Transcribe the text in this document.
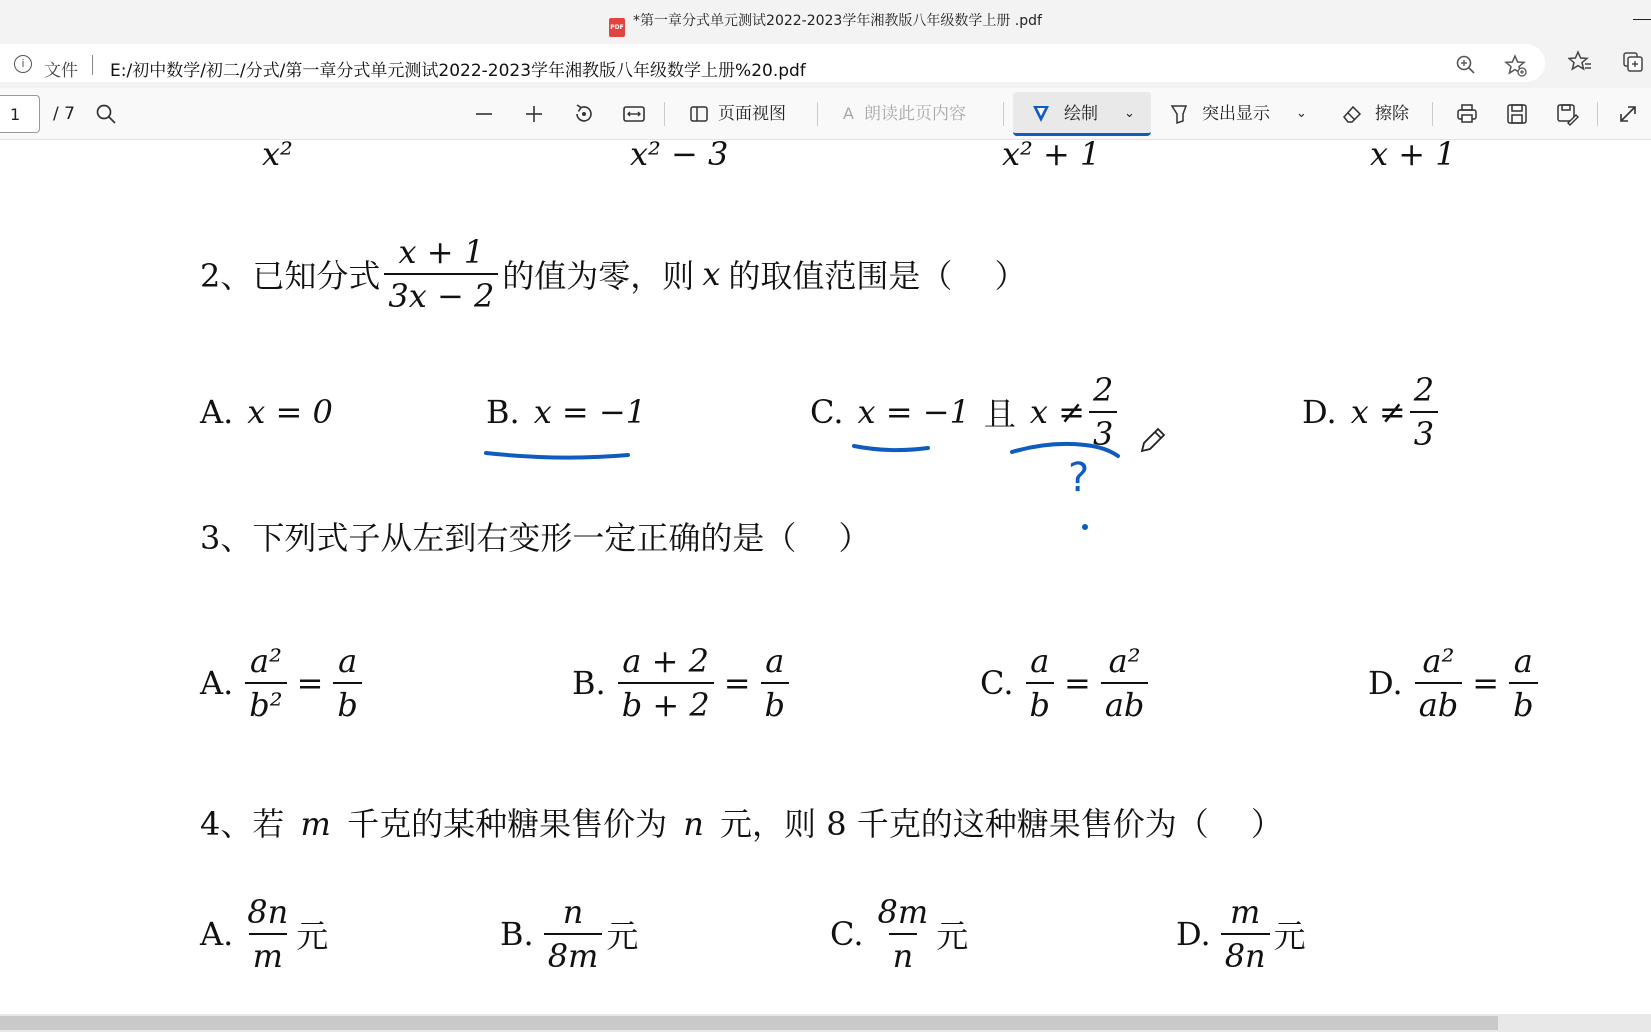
PDF *第一章分式单元测试2022-2023学年湘教版八年级数学上册 .pdf
i	文件 E:/初中数学/初二/分式/第一章分式单元测试2022-2023学年湘教版八年级数学上册%20.pdf
1	/ 7	页面视图	A 朗读此页内容	绘制 ⌄	突出显示 ⌄	擦除
x²	x² − 3	x² + 1	x + 1
2、已知分式 $\frac{x + 1}{3x - 2}$ 的值为零，则 x 的取值范围是（　 ）
A. x = 0	B. x = −1	C. x = −1 且 $x \ne \frac{2}{3}$	D. $x \ne \frac{2}{3}$
3、下列式子从左到右变形一定正确的是（　 ）
A. $\frac{\text{a²}}{\text{b²}} = \frac{a}{b}$	B. $\frac{a + 2}{b + 2} = \frac{a}{b}$	C. $\frac{a}{b} = \frac{\text{a²}}{ab}$	D. $\frac{\text{a²}}{ab} = \frac{a}{b}$
4、若 m 千克的某种糖果售价为 n 元，则 8 千克的这种糖果售价为（　 ）
A. $\frac{8n}{m}$ 元	B. $\frac{n}{8m}$ 元	C. $\frac{8m}{n}$ 元	D. $\frac{m}{8n}$ 元
?
